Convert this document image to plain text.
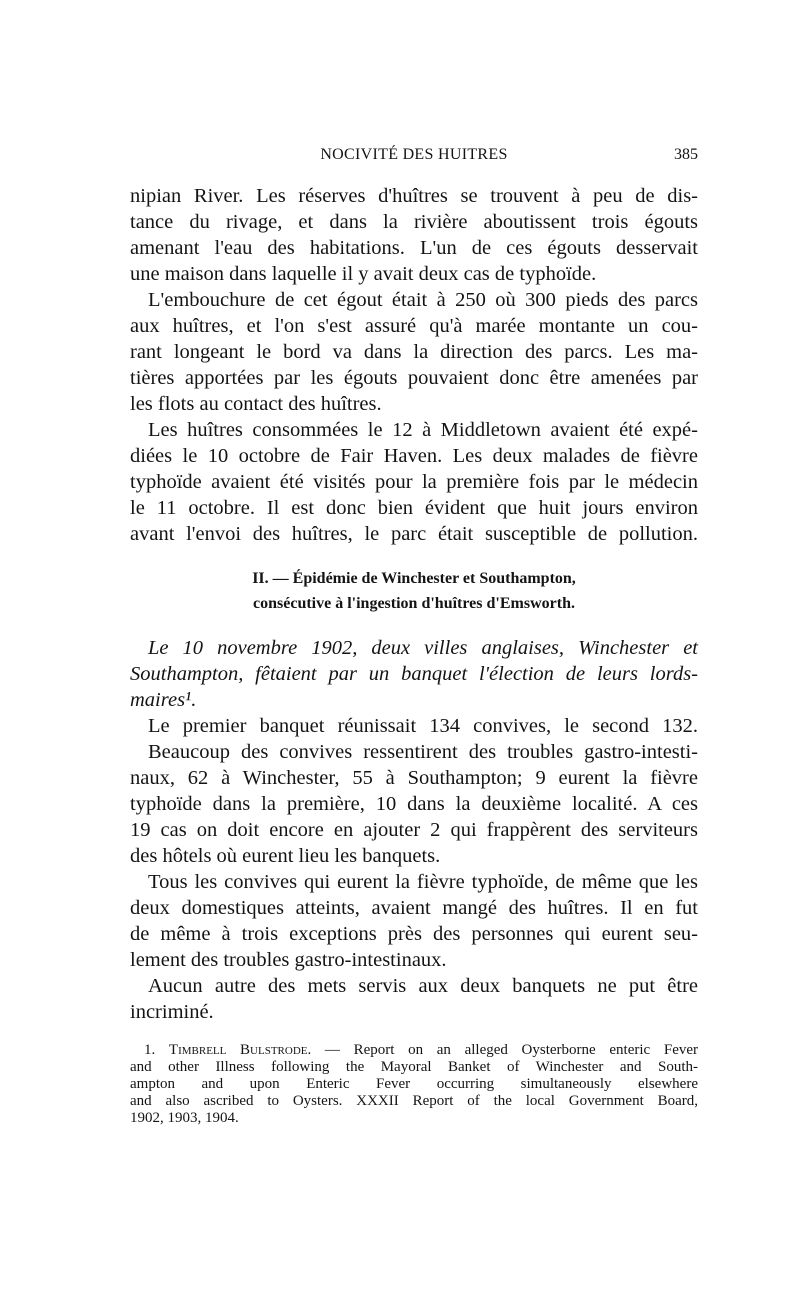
NOCIVITÉ DES HUITRES	385
nipian River. Les réserves d'huîtres se trouvent à peu de dis-
tance du rivage, et dans la rivière aboutissent trois égouts
amenant l'eau des habitations. L'un de ces égouts desservait
une maison dans laquelle il y avait deux cas de typhoïde.
L'embouchure de cet égout était à 250 où 300 pieds des parcs
aux huîtres, et l'on s'est assuré qu'à marée montante un cou-
rant longeant le bord va dans la direction des parcs. Les ma-
tières apportées par les égouts pouvaient donc être amenées par
les flots au contact des huîtres.
Les huîtres consommées le 12 à Middletown avaient été expé-
diées le 10 octobre de Fair Haven. Les deux malades de fièvre
typhoïde avaient été visités pour la première fois par le médecin
le 11 octobre. Il est donc bien évident que huit jours environ
avant l'envoi des huîtres, le parc était susceptible de pollution.
II. — Épidémie de Winchester et Southampton,
consécutive à l'ingestion d'huîtres d'Emsworth.
Le 10 novembre 1902, deux villes anglaises, Winchester et
Southampton, fêtaient par un banquet l'élection de leurs lords-
maires¹.
Le premier banquet réunissait 134 convives, le second 132.
Beaucoup des convives ressentirent des troubles gastro-intesti-
naux, 62 à Winchester, 55 à Southampton; 9 eurent la fièvre
typhoïde dans la première, 10 dans la deuxième localité. A ces
19 cas on doit encore en ajouter 2 qui frappèrent des serviteurs
des hôtels où eurent lieu les banquets.
Tous les convives qui eurent la fièvre typhoïde, de même que les
deux domestiques atteints, avaient mangé des huîtres. Il en fut
de même à trois exceptions près des personnes qui eurent seu-
lement des troubles gastro-intestinaux.
Aucun autre des mets servis aux deux banquets ne put être
incriminé.
1. Timbrell Bulstrode. — Report on an alleged Oysterborne enteric Fever
and other Illness following the Mayoral Banket of Winchester and South-
ampton and upon Enteric Fever occurring simultaneously elsewhere
and also ascribed to Oysters. XXXII Report of the local Government Board,
1902, 1903, 1904.
